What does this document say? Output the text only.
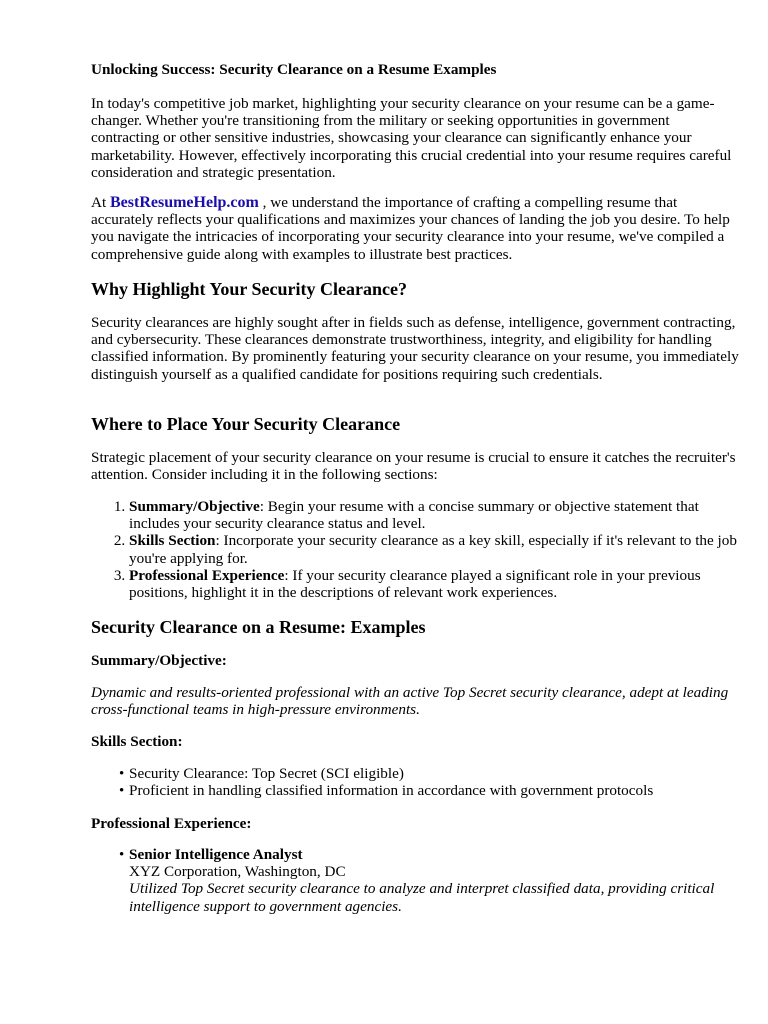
Unlocking Success: Security Clearance on a Resume Examples

In today's competitive job market, highlighting your security clearance on your resume can be a game-changer. Whether you're transitioning from the military or seeking opportunities in government contracting or other sensitive industries, showcasing your clearance can significantly enhance your marketability. However, effectively incorporating this crucial credential into your resume requires careful consideration and strategic presentation.

At BestResumeHelp.com , we understand the importance of crafting a compelling resume that accurately reflects your qualifications and maximizes your chances of landing the job you desire. To help you navigate the intricacies of incorporating your security clearance into your resume, we've compiled a comprehensive guide along with examples to illustrate best practices.

Why Highlight Your Security Clearance?

Security clearances are highly sought after in fields such as defense, intelligence, government contracting, and cybersecurity. These clearances demonstrate trustworthiness, integrity, and eligibility for handling classified information. By prominently featuring your security clearance on your resume, you immediately distinguish yourself as a qualified candidate for positions requiring such credentials.

Where to Place Your Security Clearance

Strategic placement of your security clearance on your resume is crucial to ensure it catches the recruiter's attention. Consider including it in the following sections:

1. Summary/Objective: Begin your resume with a concise summary or objective statement that includes your security clearance status and level.
2. Skills Section: Incorporate your security clearance as a key skill, especially if it's relevant to the job you're applying for.
3. Professional Experience: If your security clearance played a significant role in your previous positions, highlight it in the descriptions of relevant work experiences.
Security Clearance on a Resume: Examples

Summary/Objective:

Dynamic and results-oriented professional with an active Top Secret security clearance, adept at leading cross-functional teams in high-pressure environments.

Skills Section:

• Security Clearance: Top Secret (SCI eligible)
• Proficient in handling classified information in accordance with government protocols

Professional Experience:

• Senior Intelligence Analyst
XYZ Corporation, Washington, DC
Utilized Top Secret security clearance to analyze and interpret classified data, providing critical intelligence support to government agencies.
